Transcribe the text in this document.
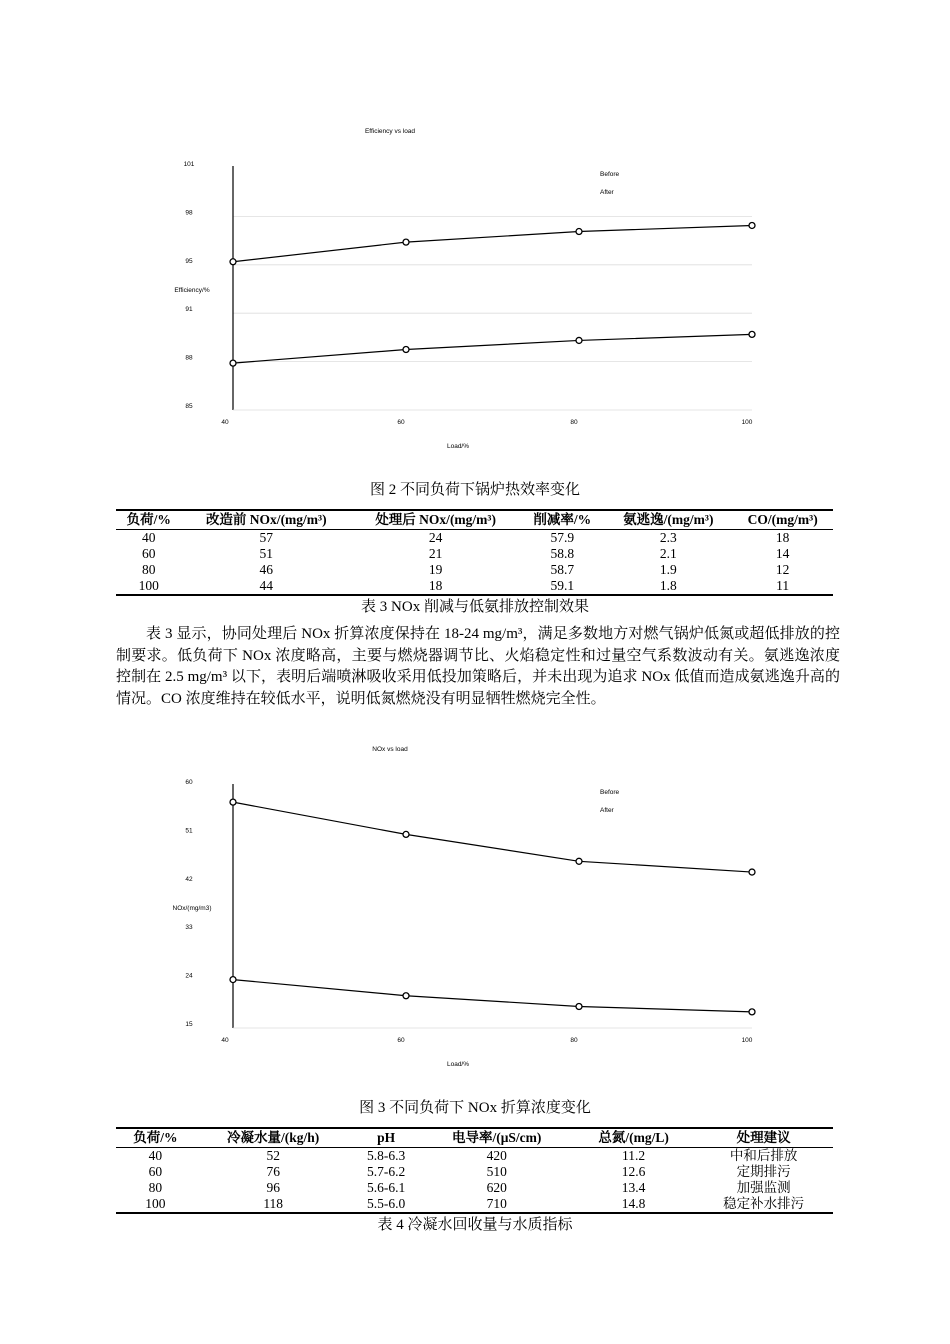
Efficiency vs load
101
98
95
91
88
85
Efficiency/%
40	60	80	100
Load/%
Before
After
图 2 不同负荷下锅炉热效率变化
负荷/%	改造前 NOx/(mg/m³)	处理后 NOx/(mg/m³)	削减率/%	氨逃逸/(mg/m³)	CO/(mg/m³)
40	57	24	57.9	2.3	18
60	51	21	58.8	2.1	14
80	46	19	58.7	1.9	12
100	44	18	59.1	1.8	11
表 3 NOx 削减与低氨排放控制效果

表 3 显示，协同处理后 NOx 折算浓度保持在 18-24 mg/m³，满足多数地方对燃气锅炉低氮或超低排放的控制要求。低负荷下 NOx 浓度略高，主要与燃烧器调节比、火焰稳定性和过量空气系数波动有关。氨逃逸浓度控制在 2.5 mg/m³ 以下，表明后端喷淋吸收采用低投加策略后，并未出现为追求 NOx 低值而造成氨逃逸升高的情况。CO 浓度维持在较低水平，说明低氮燃烧没有明显牺牲燃烧完全性。

NOx vs load
60
51
42
33
24
15
NOx/(mg/m3)
40	60	80	100
Load/%
Before
After
图 3 不同负荷下 NOx 折算浓度变化
负荷/%	冷凝水量/(kg/h)	pH	电导率/(μS/cm)	总氮/(mg/L)	处理建议
40	52	5.8-6.3	420	11.2	中和后排放
60	76	5.7-6.2	510	12.6	定期排污
80	96	5.6-6.1	620	13.4	加强监测
100	118	5.5-6.0	710	14.8	稳定补水排污
表 4 冷凝水回收量与水质指标
